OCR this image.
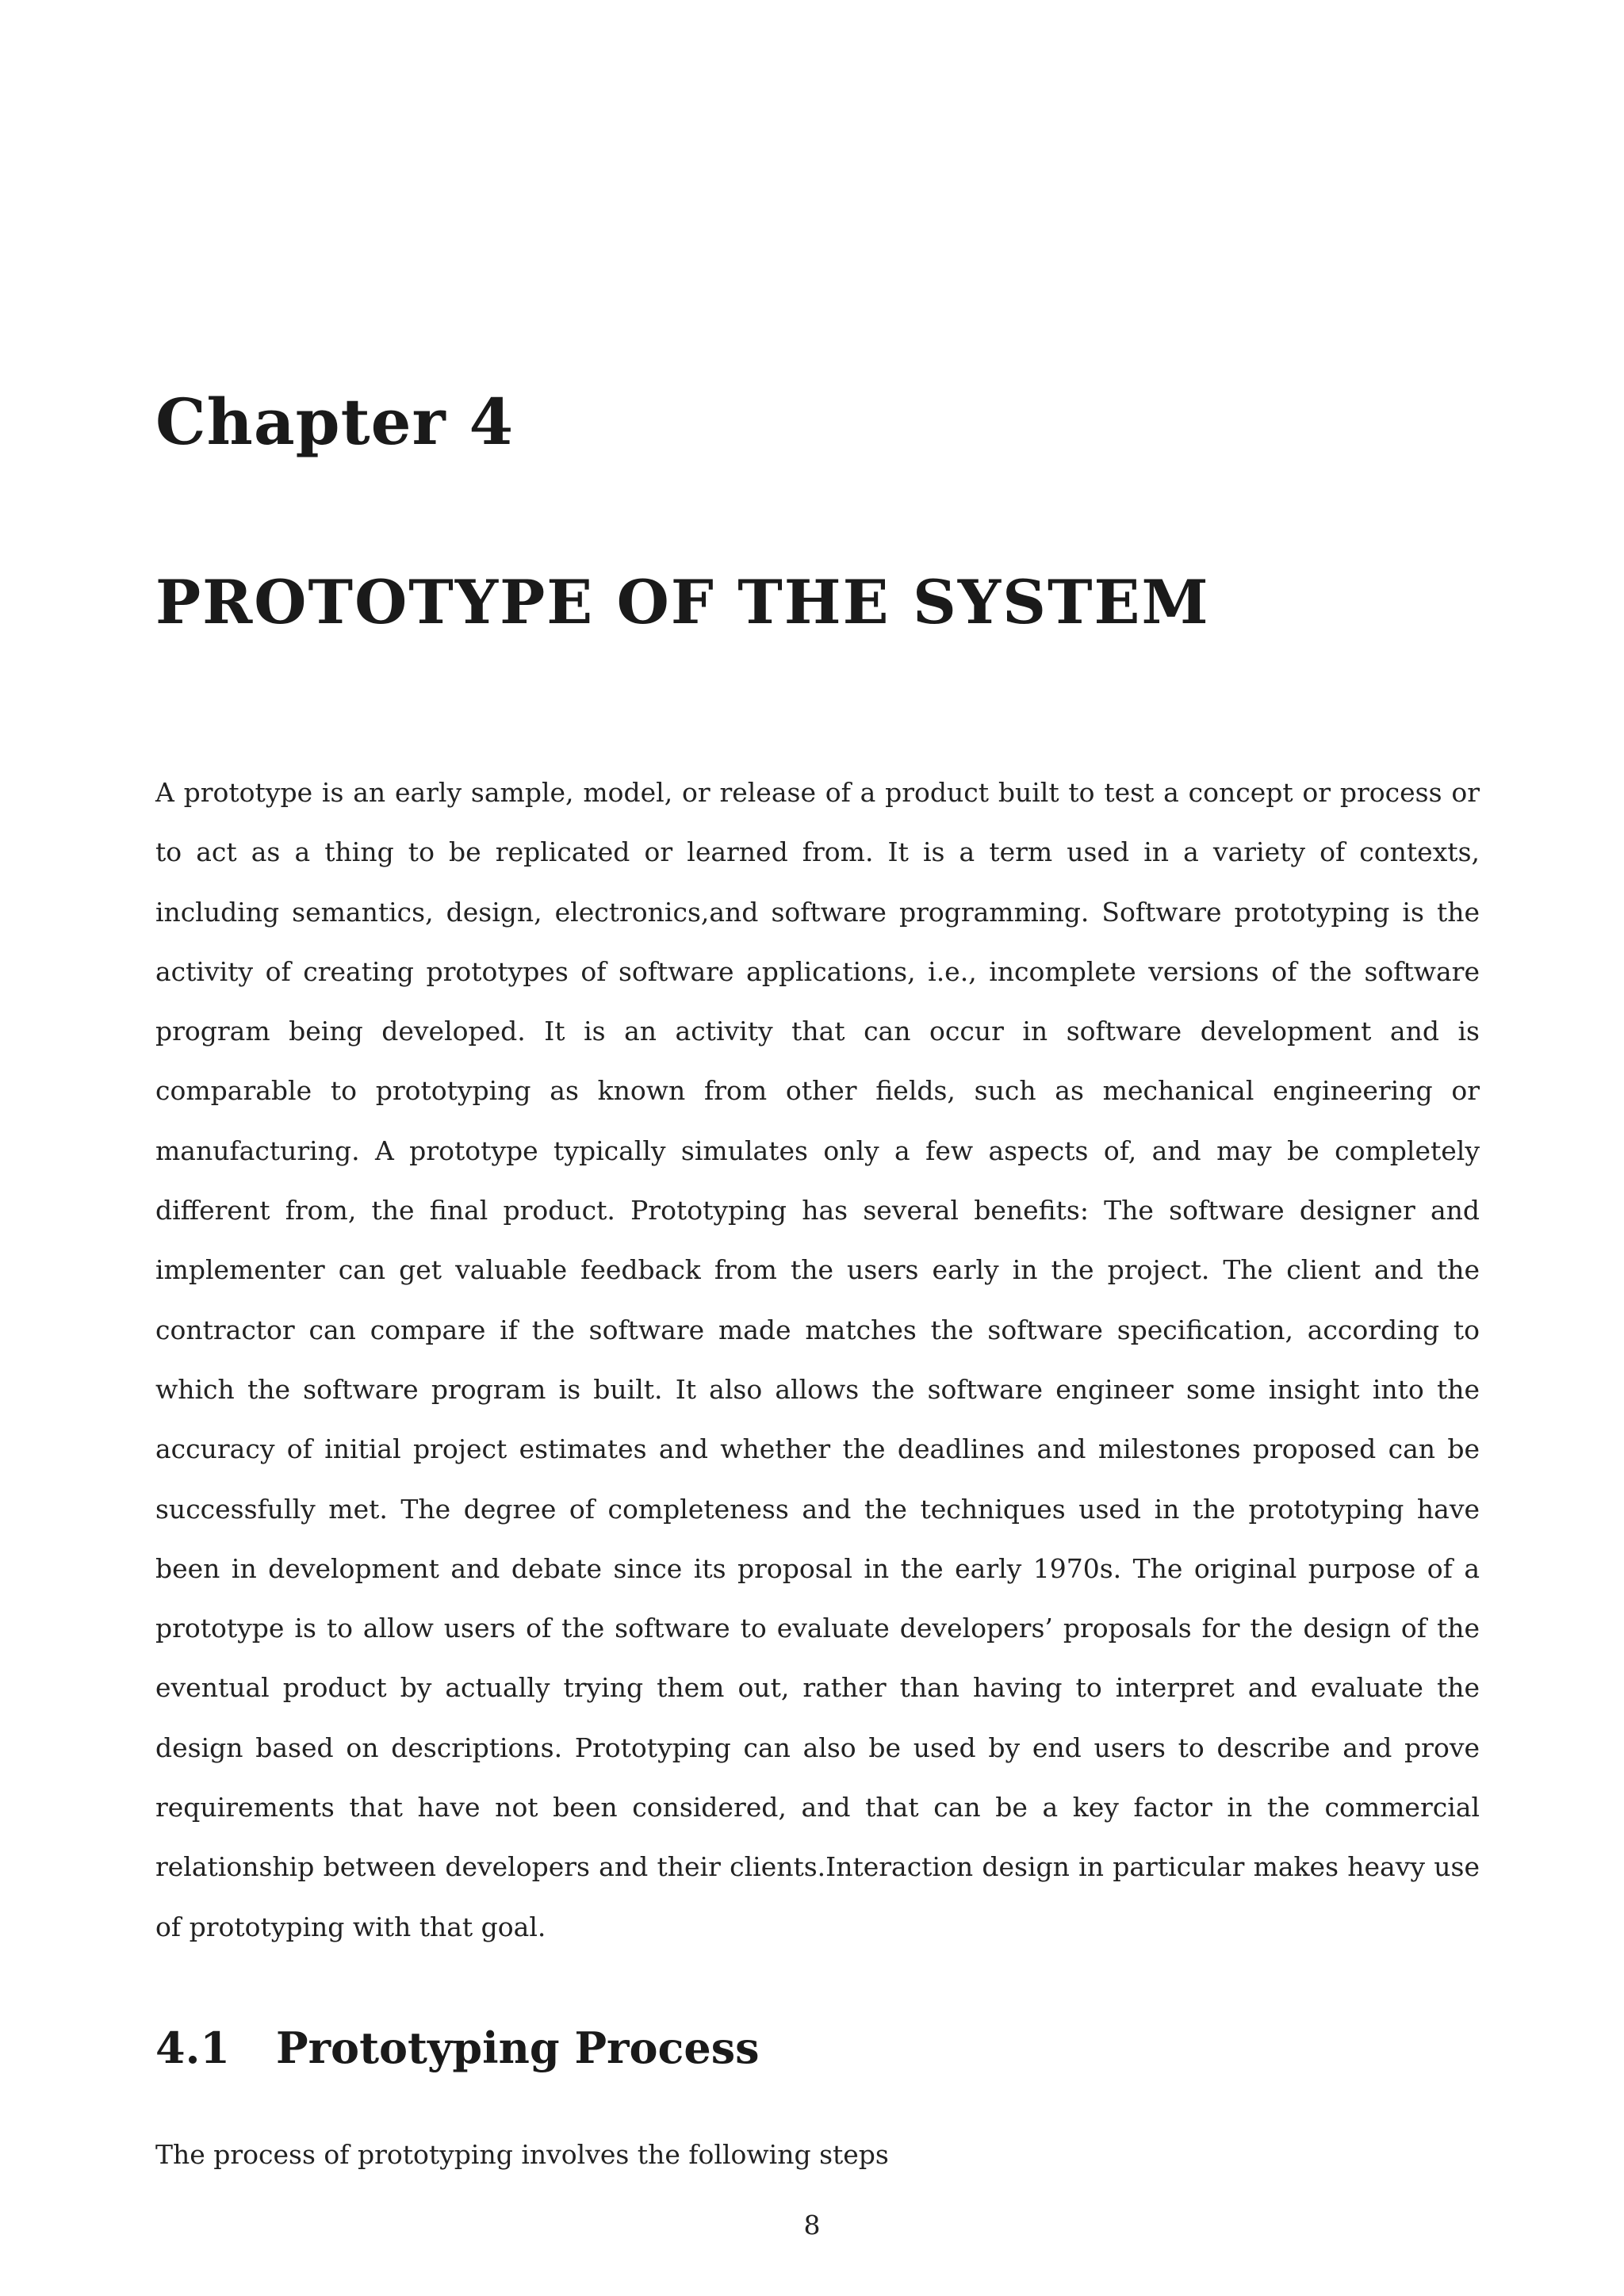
Chapter 4
PROTOTYPE OF THE SYSTEM

A prototype is an early sample, model, or release of a product built to test a concept or process or to act as a thing to be replicated or learned from. It is a term used in a variety of contexts, including semantics, design, electronics,and software programming. Software prototyping is the activity of creating prototypes of software applications, i.e., incomplete versions of the software program being developed. It is an activity that can occur in software development and is comparable to prototyping as known from other fields, such as mechanical engineering or manufacturing. A prototype typically simulates only a few aspects of, and may be completely different from, the final product. Prototyping has several benefits: The software designer and implementer can get valuable feedback from the users early in the project. The client and the contractor can compare if the software made matches the software specification, according to which the software program is built. It also allows the software engineer some insight into the accuracy of initial project estimates and whether the deadlines and milestones proposed can be successfully met. The degree of completeness and the techniques used in the prototyping have been in development and debate since its proposal in the early 1970s. The original purpose of a prototype is to allow users of the software to evaluate developers’ proposals for the design of the eventual product by actually trying them out, rather than having to interpret and evaluate the design based on descriptions. Prototyping can also be used by end users to describe and prove requirements that have not been considered, and that can be a key factor in the commercial relationship between developers and their clients.Interaction design in particular makes heavy use of prototyping with that goal.

4.1 Prototyping Process

The process of prototyping involves the following steps

8
